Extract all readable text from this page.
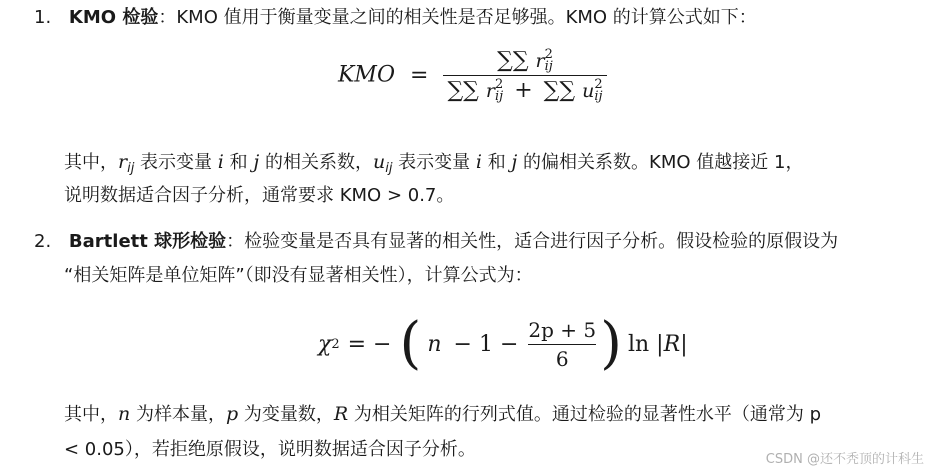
1. KMO 检验：KMO 值用于衡量变量之间的相关性是否足够强。KMO 的计算公式如下：
KMO = ∑∑ r 2
ij
∑∑ r 2
ij + ∑∑ u 2
ij
其中，$r_{ij}$ 表示变量 i 和 j 的相关系数，$u_{ij}$ 表示变量 i 和 j 的偏相关系数。KMO 值越接近 1，
说明数据适合因子分析，通常要求 KMO > 0.7。
2. Bartlett 球形检验：检验变量是否具有显著的相关性，适合进行因子分析。假设检验的原假设为
“相关矩阵是单位矩阵”（即没有显著相关性），计算公式为：
χ 2 = − ( $n - 1 - \frac{2p + 5}{6}$ ) ln | R |
其中，n 为样本量，p 为变量数，R 为相关矩阵的行列式值。通过检验的显著性水平（通常为 p
< 0.05），若拒绝原假设，说明数据适合因子分析。	CSDN @还不秃顶的计科生
